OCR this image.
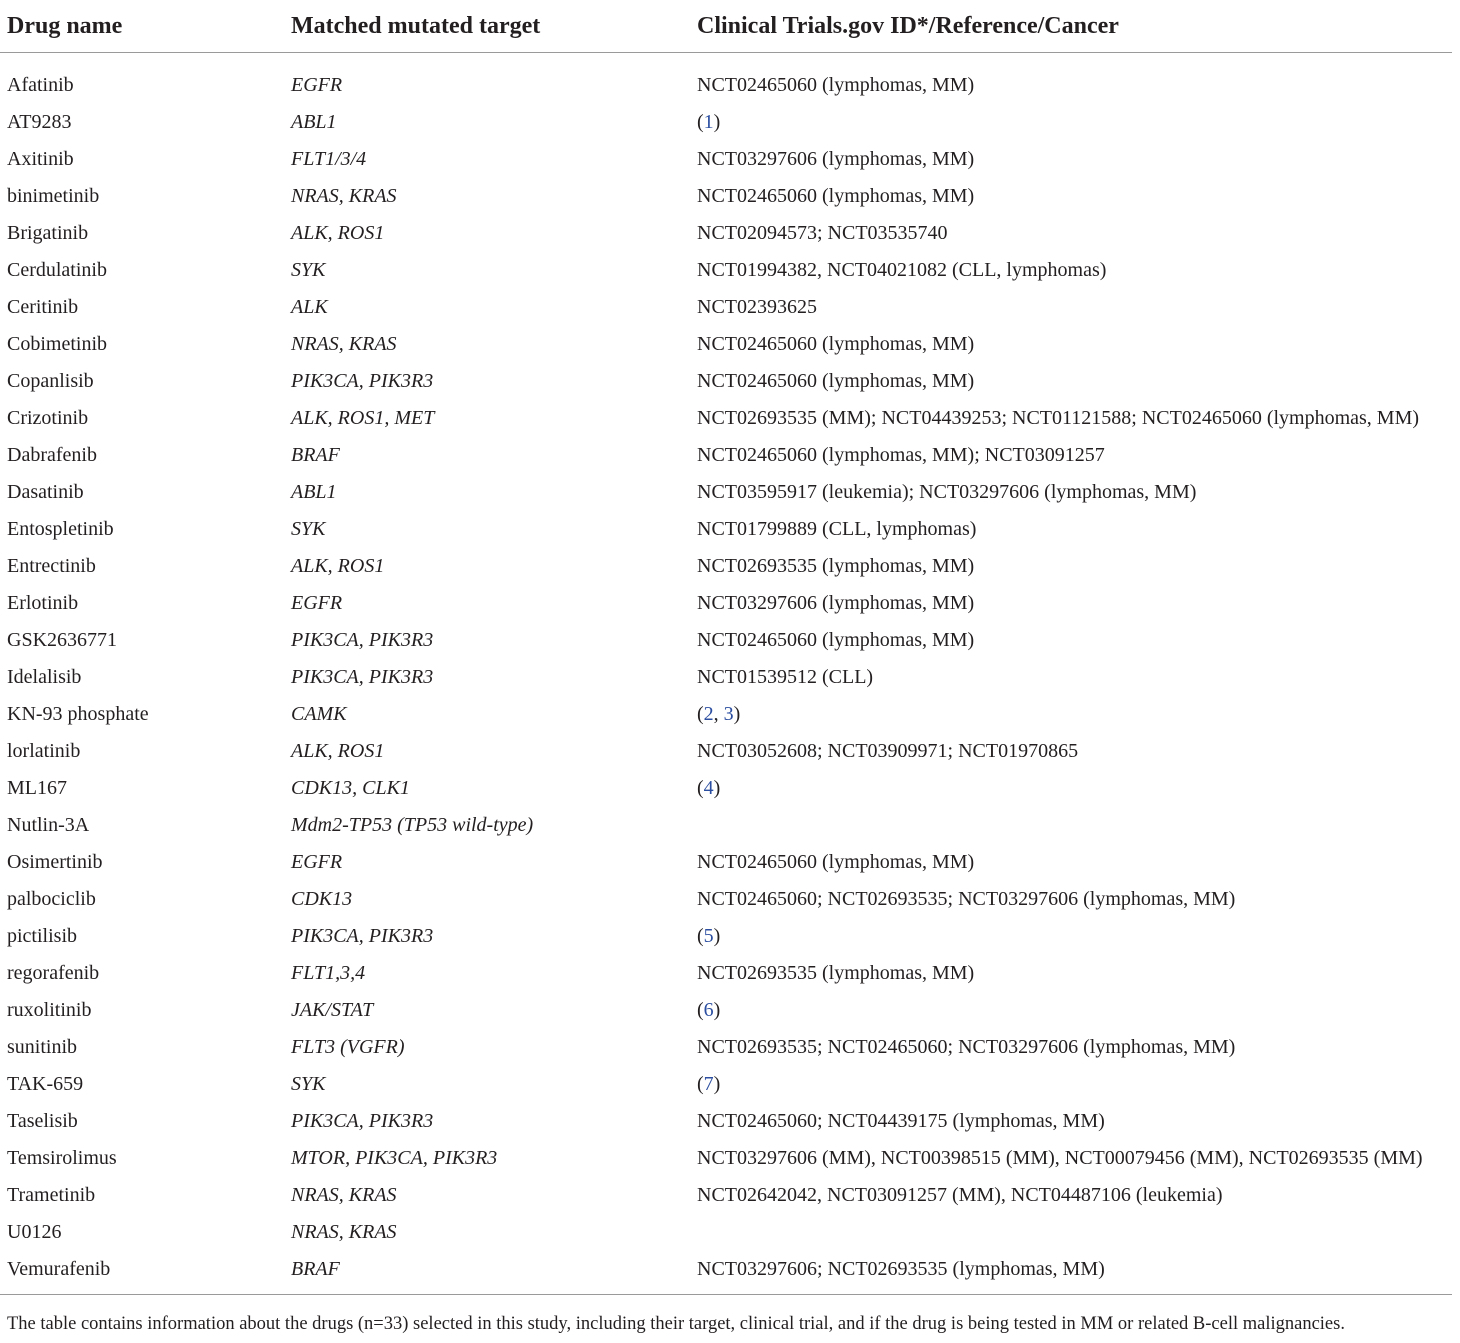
Drug name	Matched mutated target	Clinical Trials.gov ID*/Reference/Cancer
Afatinib	EGFR	NCT02465060 (lymphomas, MM)
AT9283	ABL1	(1)
Axitinib	FLT1/3/4	NCT03297606 (lymphomas, MM)
binimetinib	NRAS, KRAS	NCT02465060 (lymphomas, MM)
Brigatinib	ALK, ROS1	NCT02094573; NCT03535740
Cerdulatinib	SYK	NCT01994382, NCT04021082 (CLL, lymphomas)
Ceritinib	ALK	NCT02393625
Cobimetinib	NRAS, KRAS	NCT02465060 (lymphomas, MM)
Copanlisib	PIK3CA, PIK3R3	NCT02465060 (lymphomas, MM)
Crizotinib	ALK, ROS1, MET	NCT02693535 (MM); NCT04439253; NCT01121588; NCT02465060 (lymphomas, MM)
Dabrafenib	BRAF	NCT02465060 (lymphomas, MM); NCT03091257
Dasatinib	ABL1	NCT03595917 (leukemia); NCT03297606 (lymphomas, MM)
Entospletinib	SYK	NCT01799889 (CLL, lymphomas)
Entrectinib	ALK, ROS1	NCT02693535 (lymphomas, MM)
Erlotinib	EGFR	NCT03297606 (lymphomas, MM)
GSK2636771	PIK3CA, PIK3R3	NCT02465060 (lymphomas, MM)
Idelalisib	PIK3CA, PIK3R3	NCT01539512 (CLL)
KN-93 phosphate	CAMK	(2, 3)
lorlatinib	ALK, ROS1	NCT03052608; NCT03909971; NCT01970865
ML167	CDK13, CLK1	(4)
Nutlin-3A	Mdm2-TP53 (TP53 wild-type)	
Osimertinib	EGFR	NCT02465060 (lymphomas, MM)
palbociclib	CDK13	NCT02465060; NCT02693535; NCT03297606 (lymphomas, MM)
pictilisib	PIK3CA, PIK3R3	(5)
regorafenib	FLT1,3,4	NCT02693535 (lymphomas, MM)
ruxolitinib	JAK/STAT	(6)
sunitinib	FLT3 (VGFR)	NCT02693535; NCT02465060; NCT03297606 (lymphomas, MM)
TAK-659	SYK	(7)
Taselisib	PIK3CA, PIK3R3	NCT02465060; NCT04439175 (lymphomas, MM)
Temsirolimus	MTOR, PIK3CA, PIK3R3	NCT03297606 (MM), NCT00398515 (MM), NCT00079456 (MM), NCT02693535 (MM)
Trametinib	NRAS, KRAS	NCT02642042, NCT03091257 (MM), NCT04487106 (leukemia)
U0126	NRAS, KRAS	
Vemurafenib	BRAF	NCT03297606; NCT02693535 (lymphomas, MM)
The table contains information about the drugs (n=33) selected in this study, including their target, clinical trial, and if the drug is being tested in MM or related B-cell malignancies.
